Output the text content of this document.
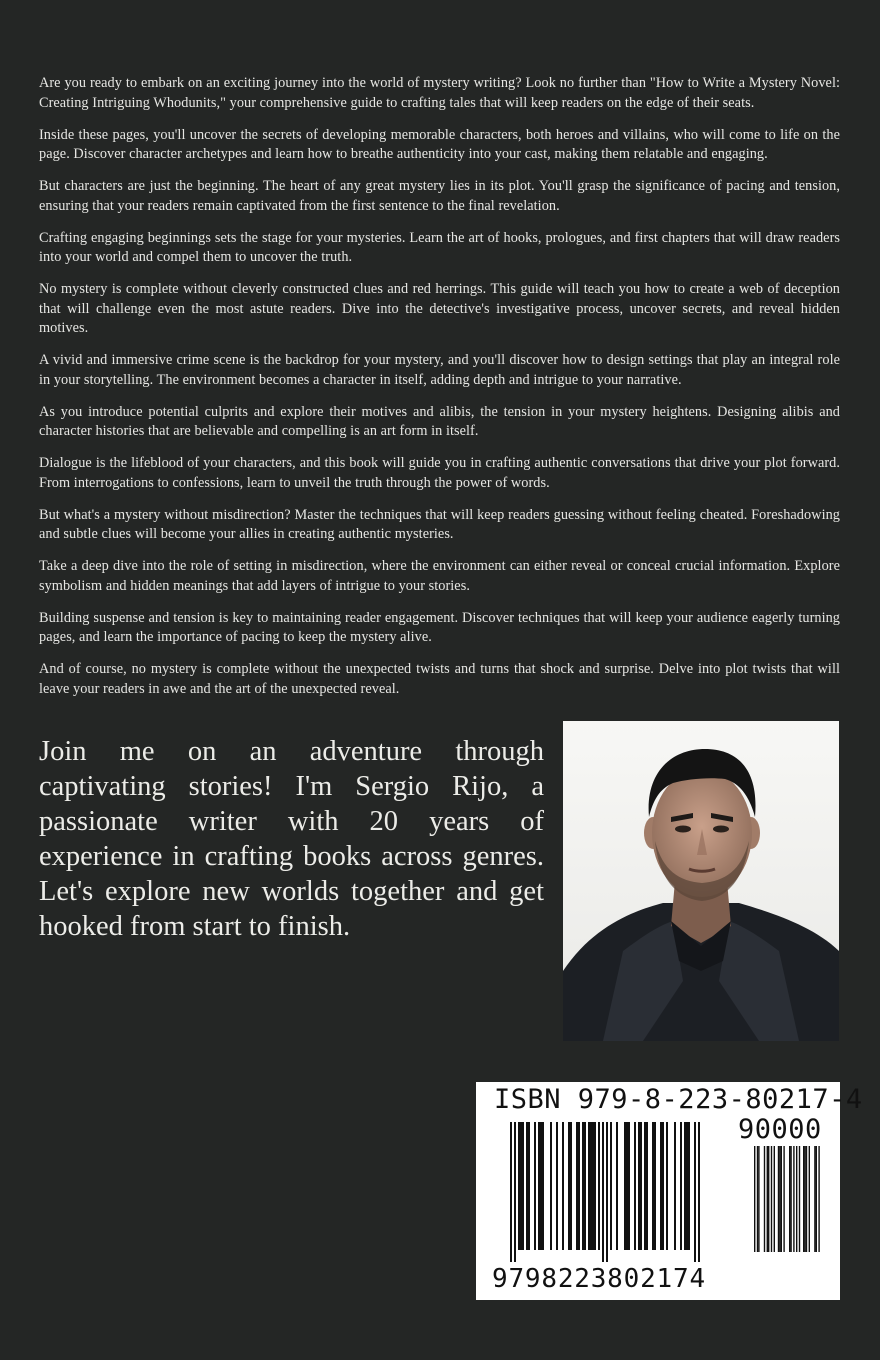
Are you ready to embark on an exciting journey into the world of mystery writing? Look no further than "How to Write a Mystery Novel: Creating Intriguing Whodunits," your comprehensive guide to crafting tales that will keep readers on the edge of their seats.

Inside these pages, you'll uncover the secrets of developing memorable characters, both heroes and villains, who will come to life on the page. Discover character archetypes and learn how to breathe authenticity into your cast, making them relatable and engaging.

But characters are just the beginning. The heart of any great mystery lies in its plot. You'll grasp the significance of pacing and tension, ensuring that your readers remain captivated from the first sentence to the final revelation.

Crafting engaging beginnings sets the stage for your mysteries. Learn the art of hooks, prologues, and first chapters that will draw readers into your world and compel them to uncover the truth.

No mystery is complete without cleverly constructed clues and red herrings. This guide will teach you how to create a web of deception that will challenge even the most astute readers. Dive into the detective's investigative process, uncover secrets, and reveal hidden motives.

A vivid and immersive crime scene is the backdrop for your mystery, and you'll discover how to design settings that play an integral role in your storytelling. The environment becomes a character in itself, adding depth and intrigue to your narrative.

As you introduce potential culprits and explore their motives and alibis, the tension in your mystery heightens. Designing alibis and character histories that are believable and compelling is an art form in itself.

Dialogue is the lifeblood of your characters, and this book will guide you in crafting authentic conversations that drive your plot forward. From interrogations to confessions, learn to unveil the truth through the power of words.

But what's a mystery without misdirection? Master the techniques that will keep readers guessing without feeling cheated. Foreshadowing and subtle clues will become your allies in creating authentic mysteries.

Take a deep dive into the role of setting in misdirection, where the environment can either reveal or conceal crucial information. Explore symbolism and hidden meanings that add layers of intrigue to your stories.

Building suspense and tension is key to maintaining reader engagement. Discover techniques that will keep your audience eagerly turning pages, and learn the importance of pacing to keep the mystery alive.

And of course, no mystery is complete without the unexpected twists and turns that shock and surprise. Delve into plot twists that will leave your readers in awe and the art of the unexpected reveal.

Join me on an adventure through captivating stories! I'm Sergio Rijo, a passionate writer with 20 years of experience in crafting books across genres. Let's explore new worlds together and get hooked from start to finish.

ISBN 979-8-223-80217-4
90000
9798223802174
